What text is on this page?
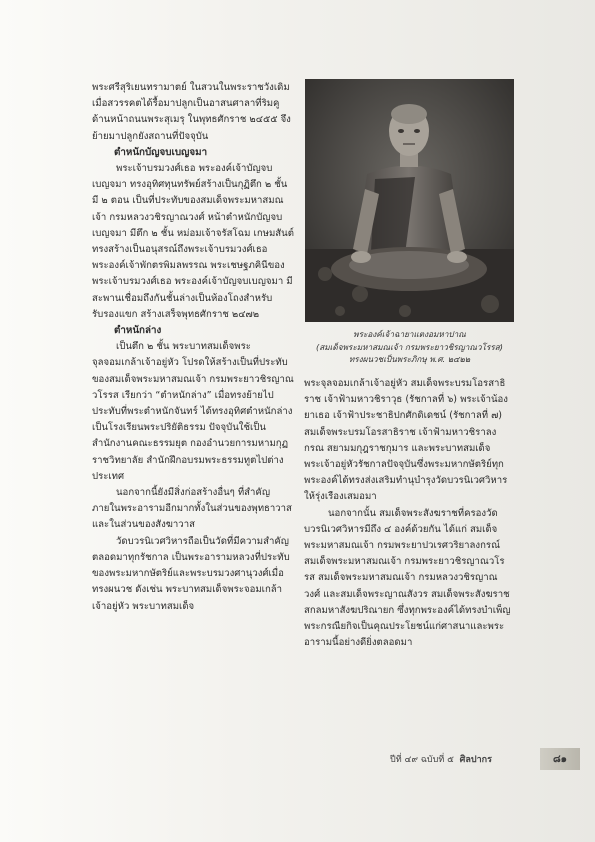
พระศรีสุริเยนทรามาตย์ ในสวนในพระราชวังเดิม เมื่อสวรรคตได้รื้อมาปลูกเป็นอาสนศาลาที่ริมคู ด้านหน้าถนนพระสุเมรุ ในพุทธศักราช ๒๔๕๕ จึงย้ายมาปลูกยังสถานที่ปัจจุบัน

ตำหนักบัญจบเบญจมา

พระเจ้าบรมวงศ์เธอ พระองค์เจ้าบัญจบเบญจมา ทรงอุทิศทุนทรัพย์สร้างเป็นกุฏิตึก ๒ ชั้น มี ๒ ตอน เป็นที่ประทับของสมเด็จพระมหาสมณเจ้า กรมหลวงวชิรญาณวงศ์ หน้าตำหนักบัญจบเบญจมา มีตึก ๒ ชั้น หม่อมเจ้าจรัสโฉม เกษมสันต์ ทรงสร้างเป็นอนุสรณ์ถึงพระเจ้าบรมวงศ์เธอ พระองค์เจ้าพักตรพิมลพรรณ พระเชษฐภคินีของพระเจ้าบรมวงศ์เธอ พระองค์เจ้าบัญจบเบญจมา มีสะพานเชื่อมถึงกันชั้นล่างเป็นห้องโถงสำหรับรับรองแขก สร้างเสร็จพุทธศักราช ๒๔๗๒

ตำหนักล่าง

เป็นตึก ๒ ชั้น พระบาทสมเด็จพระจุลจอมเกล้าเจ้าอยู่หัว โปรดให้สร้างเป็นที่ประทับของสมเด็จพระมหาสมณเจ้า กรมพระยาวชิรญาณวโรรส เรียกว่า “ตำหนักล่าง” เมื่อทรงย้ายไปประทับที่พระตำหนักจันทร์ ได้ทรงอุทิศตำหนักล่างเป็นโรงเรียนพระปริยัติธรรม ปัจจุบันใช้เป็นสำนักงานคณะธรรมยุต กองอำนวยการมหามกุฏราชวิทยาลัย สำนักฝึกอบรมพระธรรมทูตไปต่างประเทศ

นอกจากนี้ยังมีสิ่งก่อสร้างอื่นๆ ที่สำคัญภายในพระอารามอีกมากทั้งในส่วนของพุทธาวาสและในส่วนของสังฆาวาส

วัดบวรนิเวศวิหารถือเป็นวัดที่มีความสำคัญตลอดมาทุกรัชกาล เป็นพระอารามหลวงที่ประทับของพระมหากษัตริย์และพระบรมวงศานุวงศ์เมื่อทรงผนวช ดังเช่น พระบาทสมเด็จพระจอมเกล้าเจ้าอยู่หัว พระบาทสมเด็จ

พระองค์เจ้าฉายาแตงอมหาปาณ
(สมเด็จพระมหาสมณเจ้า กรมพระยาวชิรญาณวโรรส)
ทรงผนวชเป็นพระภิกษุ พ.ศ. ๒๔๒๒

พระจุลจอมเกล้าเจ้าอยู่หัว สมเด็จพระบรมโอรสาธิราช เจ้าฟ้ามหาวชิราวุธ (รัชกาลที่ ๖) พระเจ้าน้องยาเธอ เจ้าฟ้าประชาธิปกศักดิเดชน์ (รัชกาลที่ ๗) สมเด็จพระบรมโอรสาธิราช เจ้าฟ้ามหาวชิราลงกรณ สยามมกุฎราชกุมาร และพระบาทสมเด็จพระเจ้าอยู่หัวรัชกาลปัจจุบันซึ่งพระมหากษัตริย์ทุกพระองค์ได้ทรงส่งเสริมทำนุบำรุงวัดบวรนิเวศวิหารให้รุ่งเรืองเสมอมา

นอกจากนั้น สมเด็จพระสังฆราชที่ครองวัดบวรนิเวศวิหารมีถึง ๔ องค์ด้วยกัน ได้แก่ สมเด็จพระมหาสมณเจ้า กรมพระยาปวเรศวริยาลงกรณ์ สมเด็จพระมหาสมณเจ้า กรมพระยาวชิรญาณวโรรส สมเด็จพระมหาสมณเจ้า กรมหลวงวชิรญาณวงศ์ และสมเด็จพระญาณสังวร สมเด็จพระสังฆราช สกลมหาสังฆปริณายก ซึ่งทุกพระองค์ได้ทรงบำเพ็ญพระกรณียกิจเป็นคุณประโยชน์แก่ศาสนาและพระอารามนี้อย่างดียิ่งตลอดมา

ปีที่ ๔๙ ฉบับที่ ๕ ศิลปากร	๘๑
